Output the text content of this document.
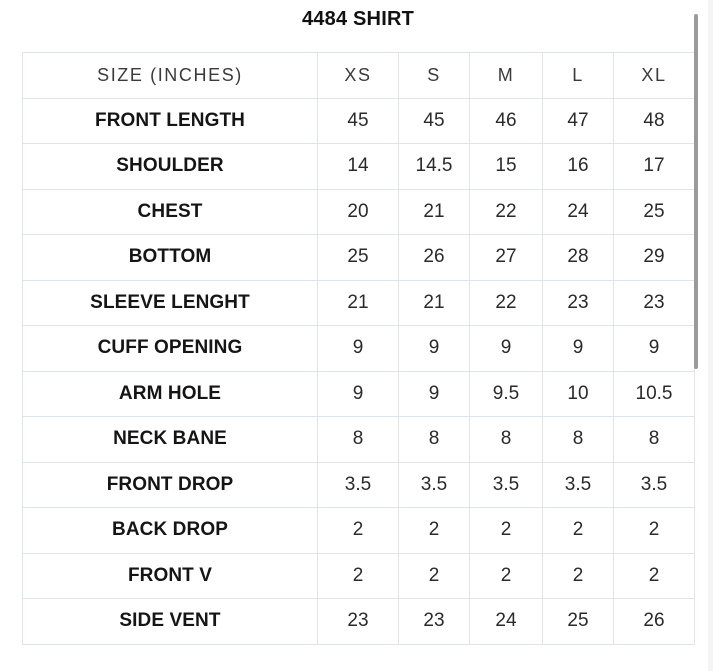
4484 SHIRT
SIZE (INCHES)	XS	S	M	L	XL
FRONT LENGTH	45	45	46	47	48
SHOULDER	14	14.5	15	16	17
CHEST	20	21	22	24	25
BOTTOM	25	26	27	28	29
SLEEVE LENGHT	21	21	22	23	23
CUFF OPENING	9	9	9	9	9
ARM HOLE	9	9	9.5	10	10.5
NECK BANE	8	8	8	8	8
FRONT DROP	3.5	3.5	3.5	3.5	3.5
BACK DROP	2	2	2	2	2
FRONT V	2	2	2	2	2
SIDE VENT	23	23	24	25	26
